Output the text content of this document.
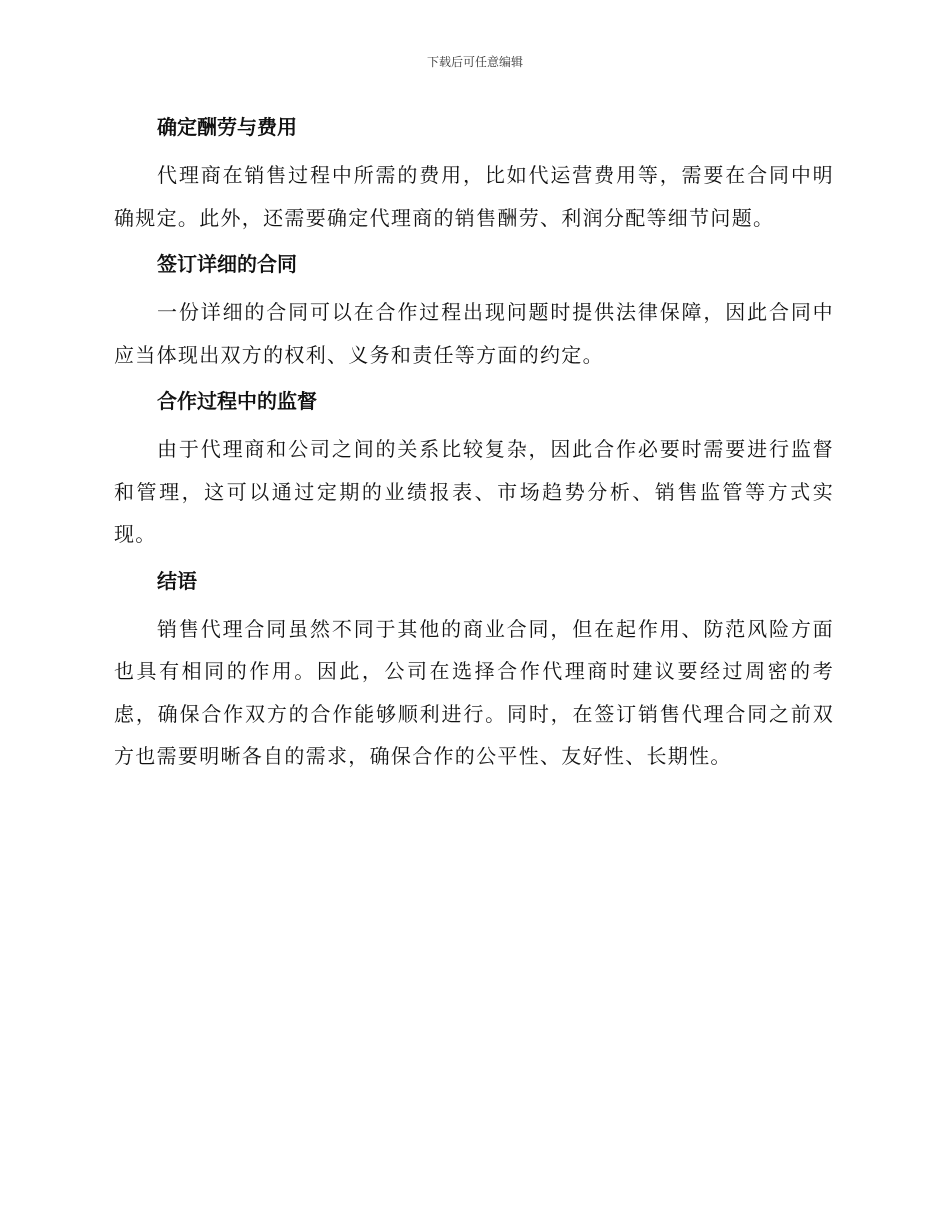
下载后可任意编辑
确定酬劳与费用

代理商在销售过程中所需的费用，比如代运营费用等，需要在合同中明确规定。此外，还需要确定代理商的销售酬劳、利润分配等细节问题。

签订详细的合同

一份详细的合同可以在合作过程出现问题时提供法律保障，因此合同中应当体现出双方的权利、义务和责任等方面的约定。

合作过程中的监督

由于代理商和公司之间的关系比较复杂，因此合作必要时需要进行监督和管理，这可以通过定期的业绩报表、市场趋势分析、销售监管等方式实现。

结语

销售代理合同虽然不同于其他的商业合同，但在起作用、防范风险方面也具有相同的作用。因此，公司在选择合作代理商时建议要经过周密的考虑，确保合作双方的合作能够顺利进行。同时，在签订销售代理合同之前双方也需要明晰各自的需求，确保合作的公平性、友好性、长期性。
